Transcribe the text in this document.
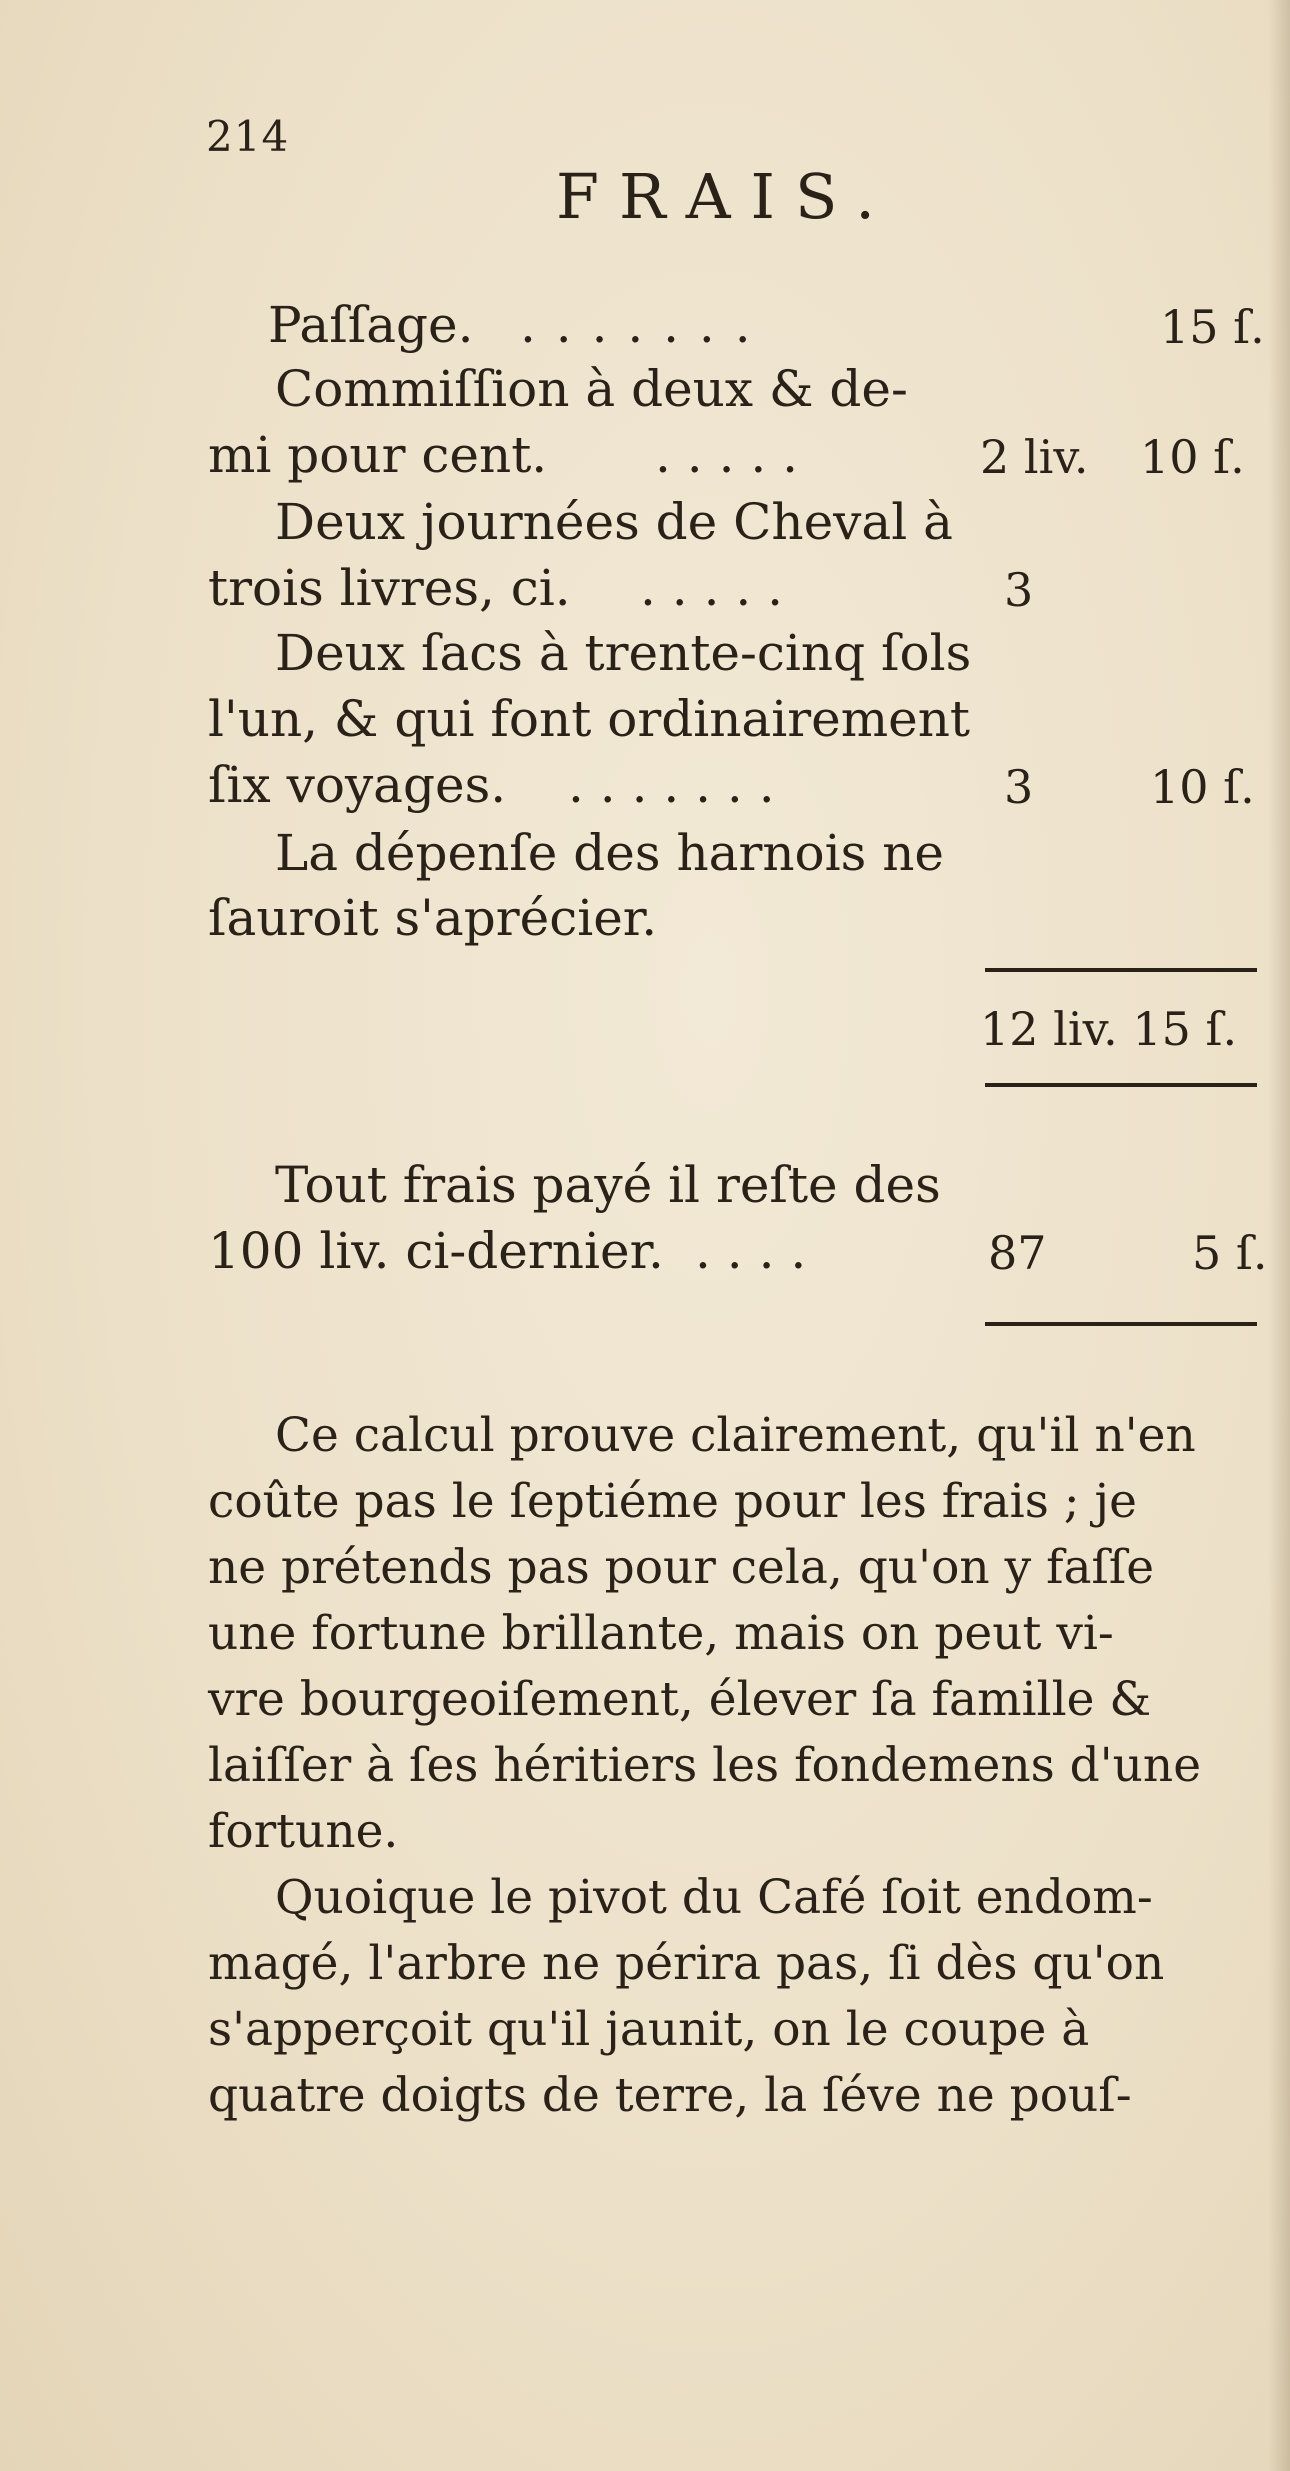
214
FRAIS.
Paſſage. . . . . . . .	15 ſ.
Commiſſion à deux & de-
mi pour cent. . . . . .	2 liv. 10 ſ.
Deux journées de Cheval à
trois livres, ci. . . . . .	3
Deux ſacs à trente-cinq ſols
l'un, & qui font ordinairement
ſix voyages. . . . . . . .	3	10 ſ.
La dépenſe des harnois ne
ſauroit s'aprécier.
12 liv. 15 ſ.
Tout frais payé il reſte des
100 liv. ci-dernier. . . . .	87	5 ſ.
Ce calcul prouve clairement, qu'il n'en
coûte pas le ſeptiéme pour les frais ; je
ne prétends pas pour cela, qu'on y faſſe
une fortune brillante, mais on peut vi-
vre bourgeoiſement, élever ſa famille &
laiſſer à ſes héritiers les fondemens d'une
fortune.
Quoique le pivot du Café ſoit endom-
magé, l'arbre ne périra pas, ſi dès qu'on
s'apperçoit qu'il jaunit, on le coupe à
quatre doigts de terre, la ſéve ne pouſ-
